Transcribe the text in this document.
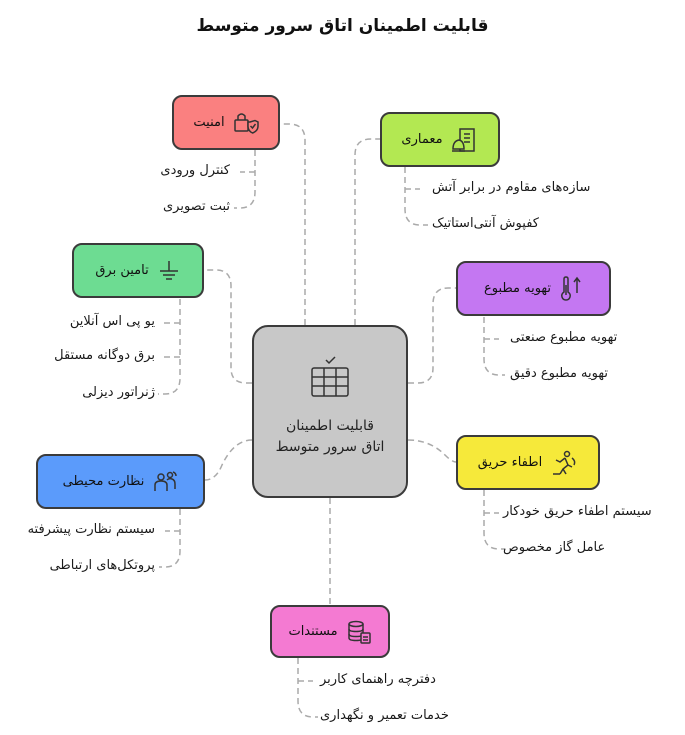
قابلیت اطمینان اتاق سرور متوسط
قابلیت اطمینان اتاق سرور متوسط
امنیت
کنترل ورودی
ثبت تصویری
معماری
سازه‌های مقاوم در برابر آتش
کفپوش آنتی‌استاتیک
تامین برق
یو پی اس آنلاین
برق دوگانه مستقل
ژنراتور دیزلی
تهویه مطبوع
تهویه مطبوع صنعتی
تهویه مطبوع دقیق
اطفاء حریق
سیستم اطفاء حریق خودکار
عامل گاز مخصوص
نظارت محیطی
سیستم نظارت پیشرفته
پروتکل‌های ارتباطی
مستندات
دفترچه راهنمای کاربر
خدمات تعمیر و نگهداری
